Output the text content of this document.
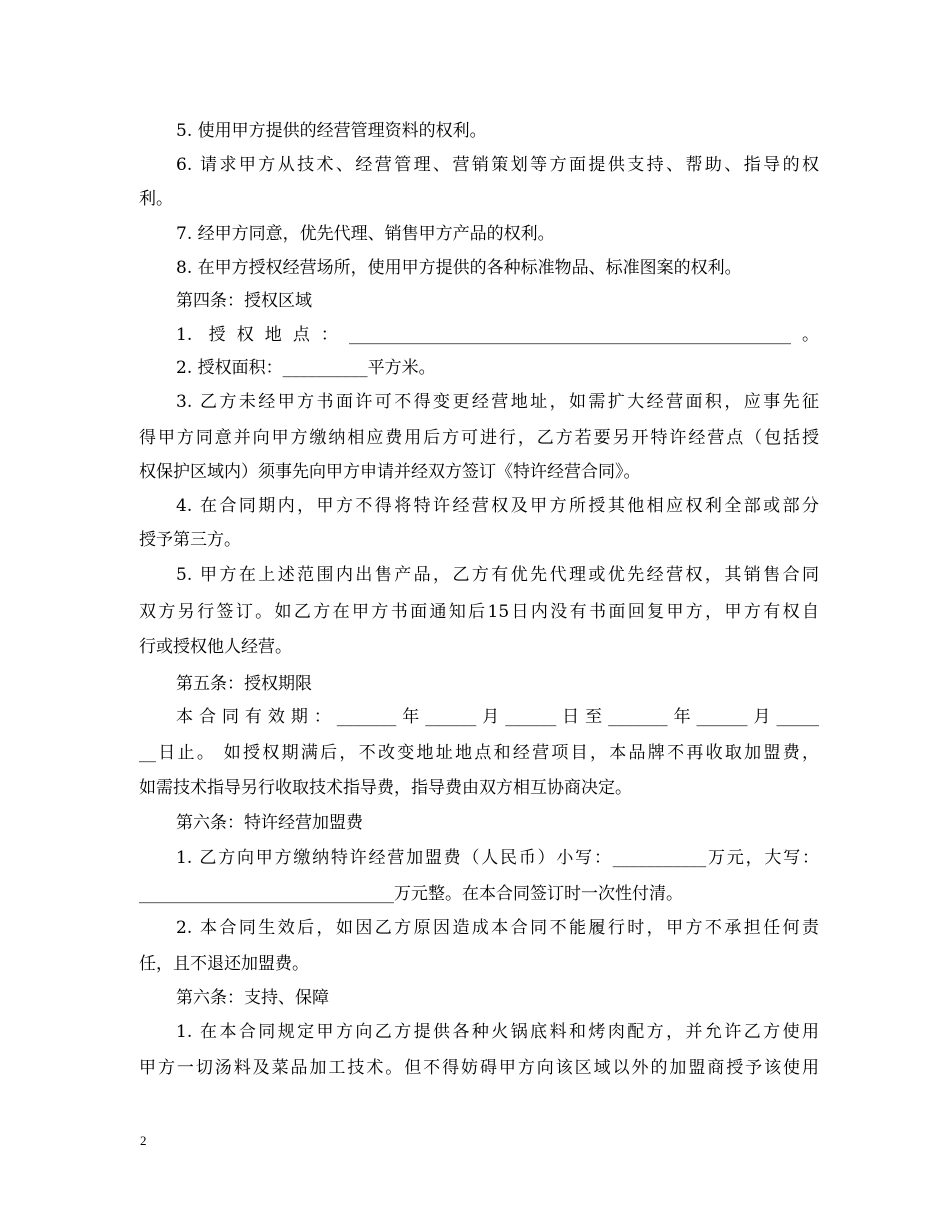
5. 使用甲方提供的经营管理资料的权利。
6. 请求甲方从技术、经营管理、营销策划等方面提供支持、帮助、指导的权
利。
7. 经甲方同意，优先代理、销售甲方产品的权利。
8. 在甲方授权经营场所，使用甲方提供的各种标准物品、标准图案的权利。
第四条：授权区域
1. 授权地点：____________________________________________________。
2. 授权面积：__________平方米。
3. 乙方未经甲方书面许可不得变更经营地址，如需扩大经营面积，应事先征
得甲方同意并向甲方缴纳相应费用后方可进行，乙方若要另开特许经营点（包括授
权保护区域内）须事先向甲方申请并经双方签订《特许经营合同》。
4. 在合同期内，甲方不得将特许经营权及甲方所授其他相应权利全部或部分
授予第三方。
5. 甲方在上述范围内出售产品，乙方有优先代理或优先经营权，其销售合同
双方另行签订。如乙方在甲方书面通知后15日内没有书面回复甲方，甲方有权自
行或授权他人经营。
第五条：授权期限
本合同有效期：_______年______月______日至_______年______月_____
__日止。 如授权期满后，不改变地址地点和经营项目，本品牌不再收取加盟费，
如需技术指导另行收取技术指导费，指导费由双方相互协商决定。
第六条：特许经营加盟费
1. 乙方向甲方缴纳特许经营加盟费（人民币）小写：___________万元，大写：
______________________________万元整。在本合同签订时一次性付清。
2. 本合同生效后，如因乙方原因造成本合同不能履行时，甲方不承担任何责
任，且不退还加盟费。
第六条：支持、保障
1. 在本合同规定甲方向乙方提供各种火锅底料和烤肉配方，并允许乙方使用
甲方一切汤料及菜品加工技术。但不得妨碍甲方向该区域以外的加盟商授予该使用
2
